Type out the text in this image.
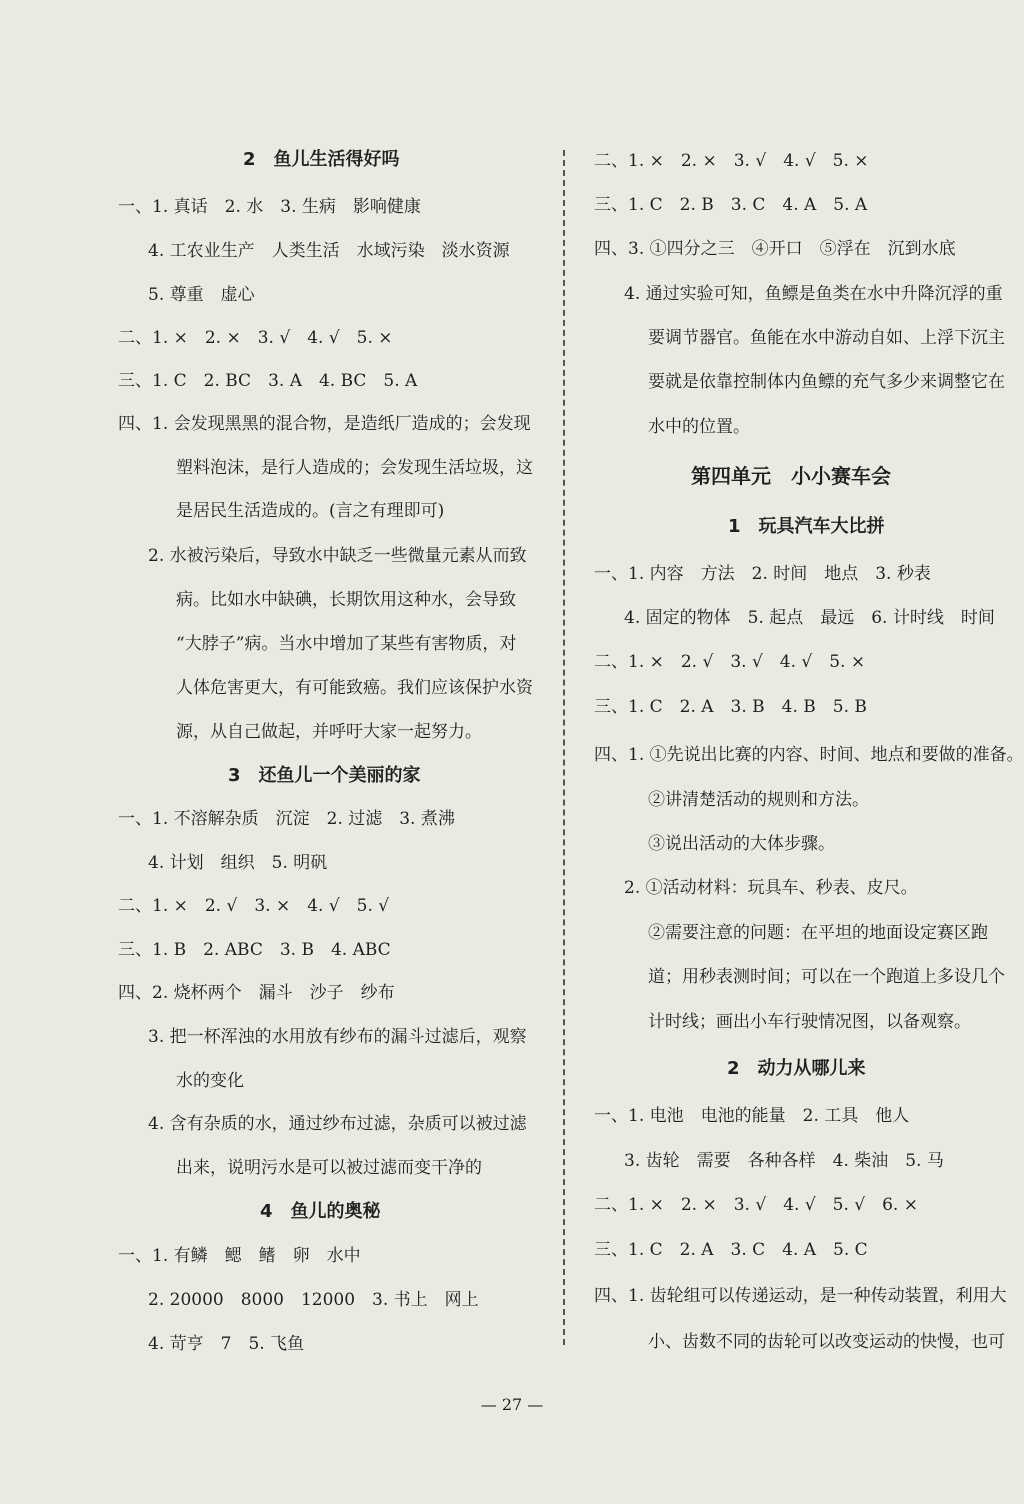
2　鱼儿生活得好吗
一、1. 真话　2. 水　3. 生病　影响健康
4. 工农业生产　人类生活　水域污染　淡水资源
5. 尊重　虚心
二、1. ×　2. ×　3. √　4. √　5. ×
三、1. C　2. BC　3. A　4. BC　5. A
四、1. 会发现黑黑的混合物，是造纸厂造成的；会发现
塑料泡沫，是行人造成的；会发现生活垃圾，这
是居民生活造成的。(言之有理即可)
2. 水被污染后，导致水中缺乏一些微量元素从而致
病。比如水中缺碘，长期饮用这种水，会导致
“大脖子”病。当水中增加了某些有害物质，对
人体危害更大，有可能致癌。我们应该保护水资
源，从自己做起，并呼吁大家一起努力。
3　还鱼儿一个美丽的家
一、1. 不溶解杂质　沉淀　2. 过滤　3. 煮沸
4. 计划　组织　5. 明矾
二、1. ×　2. √　3. ×　4. √　5. √
三、1. B　2. ABC　3. B　4. ABC
四、2. 烧杯两个　漏斗　沙子　纱布
3. 把一杯浑浊的水用放有纱布的漏斗过滤后，观察
水的变化
4. 含有杂质的水，通过纱布过滤，杂质可以被过滤
出来，说明污水是可以被过滤而变干净的
4　鱼儿的奥秘
一、1. 有鳞　鳃　鳍　卵　水中
2. 20000　8000　12000　3. 书上　网上
4. 苛亨　7　5. 飞鱼
二、1. ×　2. ×　3. √　4. √　5. ×
三、1. C　2. B　3. C　4. A　5. A
四、3. ①四分之三　④开口　⑤浮在　沉到水底
4. 通过实验可知，鱼鳔是鱼类在水中升降沉浮的重
要调节器官。鱼能在水中游动自如、上浮下沉主
要就是依靠控制体内鱼鳔的充气多少来调整它在
水中的位置。
第四单元　小小赛车会
1　玩具汽车大比拼
一、1. 内容　方法　2. 时间　地点　3. 秒表
4. 固定的物体　5. 起点　最远　6. 计时线　时间
二、1. ×　2. √　3. √　4. √　5. ×
三、1. C　2. A　3. B　4. B　5. B
四、1. ①先说出比赛的内容、时间、地点和要做的准备。
②讲清楚活动的规则和方法。
③说出活动的大体步骤。
2. ①活动材料：玩具车、秒表、皮尺。
②需要注意的问题：在平坦的地面设定赛区跑
道；用秒表测时间；可以在一个跑道上多设几个
计时线；画出小车行驶情况图，以备观察。
2　动力从哪儿来
一、1. 电池　电池的能量　2. 工具　他人
3. 齿轮　需要　各种各样　4. 柴油　5. 马
二、1. ×　2. ×　3. √　4. √　5. √　6. ×
三、1. C　2. A　3. C　4. A　5. C
四、1. 齿轮组可以传递运动，是一种传动装置，利用大
小、齿数不同的齿轮可以改变运动的快慢，也可
— 27 —
